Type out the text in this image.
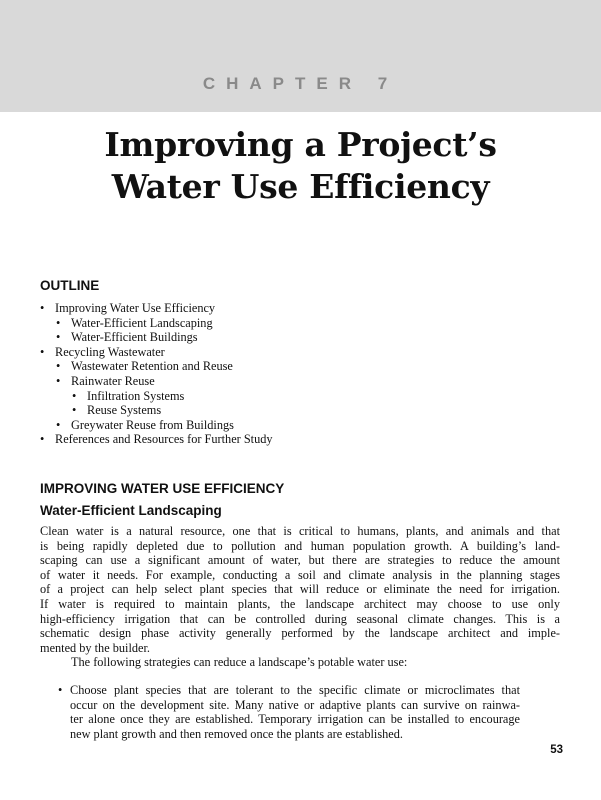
CHAPTER 7
Improving a Project’s
Water Use Efficiency
OUTLINE
• Improving Water Use Efficiency
• Water-Efficient Landscaping
• Water-Efficient Buildings
• Recycling Wastewater
• Wastewater Retention and Reuse
• Rainwater Reuse
• Infiltration Systems
• Reuse Systems
• Greywater Reuse from Buildings
• References and Resources for Further Study
IMPROVING WATER USE EFFICIENCY
Water-Efficient Landscaping
Clean water is a natural resource, one that is critical to humans, plants, and animals and that
is being rapidly depleted due to pollution and human population growth. A building’s land-
scaping can use a significant amount of water, but there are strategies to reduce the amount
of water it needs. For example, conducting a soil and climate analysis in the planning stages
of a project can help select plant species that will reduce or eliminate the need for irrigation.
If water is required to maintain plants, the landscape architect may choose to use only
high-efficiency irrigation that can be controlled during seasonal climate changes. This is a
schematic design phase activity generally performed by the landscape architect and imple-
mented by the builder.
The following strategies can reduce a landscape’s potable water use:
• Choose plant species that are tolerant to the specific climate or microclimates that
occur on the development site. Many native or adaptive plants can survive on rainwa-
ter alone once they are established. Temporary irrigation can be installed to encourage
new plant growth and then removed once the plants are established.
53
